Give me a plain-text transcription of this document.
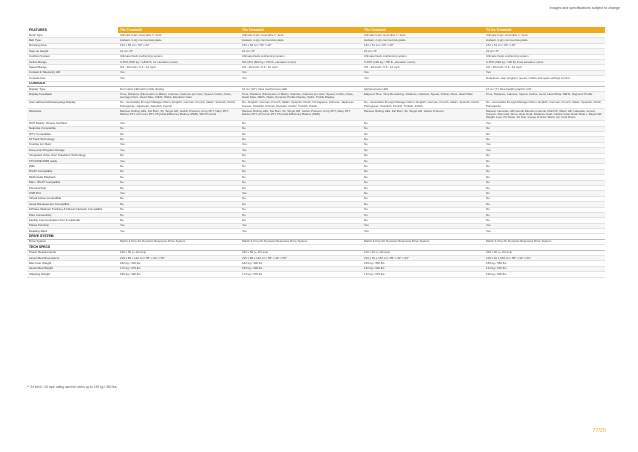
Images and specifications subject to change
FEATURES	T5x Treadmill	T5x Treadmill	T3x Treadmill	T3 Go Treadmill
Deck Type	Ultimate foam-reversible 1" deck	Ultimate foam-reversible 1" deck	Ultimate foam-reversible 1" deck	Ultimate foam-reversible 1" deck
Belt Type	Habasit, 2-ply commercial-grade	Habasit, 2-ply commercial-grade	Habasit, 2-ply commercial-grade	Habasit, 2-ply commercial-grade
Running Area	152 x 56 cm / 60" x 22"	152 x 56 cm / 60" x 22"	152 x 51 cm / 60" x 20"	152 x 51 cm / 60" x 20"
Step-up Height	21 cm / 8"	21 cm / 8"	21 cm / 8"	21 cm / 8"
Cushion System	Ultimate Deck cushioning system	Ultimate Deck cushioning system	Ultimate Deck cushioning system	Ultimate Deck cushioning system
Incline Range	0-15% (800 kg / 1,830 lb, for elevation motor)	0%-15% (800 kg / 750 lb, elevation motor)	0-15% (136 kg / 750 lb, elevation motor)	0-15% (590 kg / 130 lb) fixed elevation motor
Speed Range	0.8 - 20 km/h / 0.5 - 12 mph	0.8 - 20 km/h / 0.5 - 12 mph	0.8 - 20 km/h / 0.5 - 12 mph	0.8 - 20 km/h / 0.5 - 12 mph
Contact & Telemetry HR	Yes	Yes	Yes	Yes
Console Fan	Yes	Yes	Yes	Dual-level, step program, speed, incline and quiet settings control
CONSOLE				
Display Type	Dot matrix LED with profile display	16 cm (10") class touchscreen LED	Alphanumeric LED	16 cm (7") blue backlit graphic LCD
Display Feedback	Time, Distance (Kilometers or Miles), Calories, Calories per Hour, Speed, Incline, Pace, Average Pace, Heart Rate, METs, Watts, Elevation Gain	Time, Distance (Kilometers or Miles), Calories, Calories per Hour, Speed, Incline, Pace, Heart Rate, METs, Watts, Dynamic Profile Display, Splits, Profile Display	Elapsed Time, Time Remaining, Distance, Calories, Speed, Incline, Pace, Heart Rate	Time, Distance, Calories, Speed, Incline, Level, Heart Rate, METs, Segment Profile
User-defined Multi-language Display	No - Accessible through Manager Menu: English, German, French, Italian, Spanish, Dutch, Portuguese, Japanese, Swedish, French	No - English, German, French, Italian, Spanish, Dutch, Portuguese, Chinese, Japanese, Korean, Swedish, Finnish, Russian, Arabic, Turkish, Polish	No - Accessible through Manager Menu: English, German, French, Italian, Spanish, Dutch, Portuguese, Swedish, Finnish, Turkish, Polish	No - Accessible through Manager Menu: English, German, French, Italian, Spanish, Dutch, Portuguese
Workouts	Manual, Rolling Hills, Fat Burn, 5k, Target HR, Gerkin Protocol, Army PFT, Navy PFT, Marine PFT, Air Force PFT, Physical Efficiency Battery (PEB), WFI Protocol	Manual, Rolling Hills, Fat Burn, 5k, Target HR, Gerkin Protocol, Army PFT, Navy PFT, Marine PFT, Air Force PFT, Physical Efficiency Battery (PEB)	Manual, Rolling Hills, Fat Burn, 5k, Target HR, Gerkin Protocol	Manual, Intervals, Hill Interval Random Interval, Multi Pk, Warm Hill, Lakeside, Forest, Canyon, Flat road, Dune, Heat Goal, Distance Goal, Calorie Goal, Heart Rate + Target HR, Weight Loss, Fit Tester, Fit Test, Coupe of Soul, Warm Up, Cool Down
iFit® Ready: Fitness Certified	Yes	No	No	Yes
Netpulse Compatible	No	No	No	No
IPTV Compatible	No	No	No	No
FitTrack Technology	No	No	No	No
Overlay Ion Start	Yes	Yes	No	Yes
Zone-only Program Change	Yes	Yes	No	Yes
Integrated Voice Over Television Technology	No	No	No	No
FTC/ODE RDM ready	Yes	No	No	No
WiFi	No	No	No	No
iPod® Compatible	No	No	No	No
Multimedia Playback	No	No	No	No
Mac • iPod® Compatible	No	No	No	No
Personal Fan	No	No	No	No
USB Port	Yes	Yes	No	No
Virtual Active Compatible	No	No	No	No
Asset Management Compatible	No	No	No	No
inPhase Workout Tracking & Fitness Network Compatible	No	No	No	No
Wire Connectivity	No	No	No	No
Facility Communication Port & Calendar	No	No	No	No
Pause Function	Yes	Yes	Yes	Yes
Reading Rack	Yes	Yes	Yes	Yes
DRIVE SYSTEM				
Drive System	Matrix 4.0 hp AC Dynamic Response Drive System	Matrix 3.0 hp AC Dynamic Response Drive System	Matrix 3.0 hp AC Dynamic Response Drive System	Matrix 2.0 hp AC Dynamic Response Drive System
TECH SPECS				
Power Requirements	220 v 50 (+-10) amp	220 v 50 (+-10) amp	110 v 20 (+-10) amp	220 v 50 (+-10) amp
Assembled Dimensions	215 x 86 x 142 cm / 85" x 34" x 56"	215 x 86 x 142 cm / 85" x 34" x 56"	215 x 81 x 152 cm / 85" x 32" x 60"	215 x 81 x 152 cm / 85" x 32" x 60"
Max User Weight	182 kg / 400 lbs	182 kg / 400 lbs	159 kg / 350 lbs	159 kg / 350 lbs
Assembled Weight	172 kg / 379 lbs	153 kg / 338 lbs	152 kg / 336 lbs	141 kg / 310 lbs
Shipping Weight	195 kg / 430 lbs	172 kg / 379 lbs	172 kg / 379 lbs	152 kg / 335 lbs
** 24 km/h / 15 mph rating used for users up to 159 kg / 350 lbs.
77/20
